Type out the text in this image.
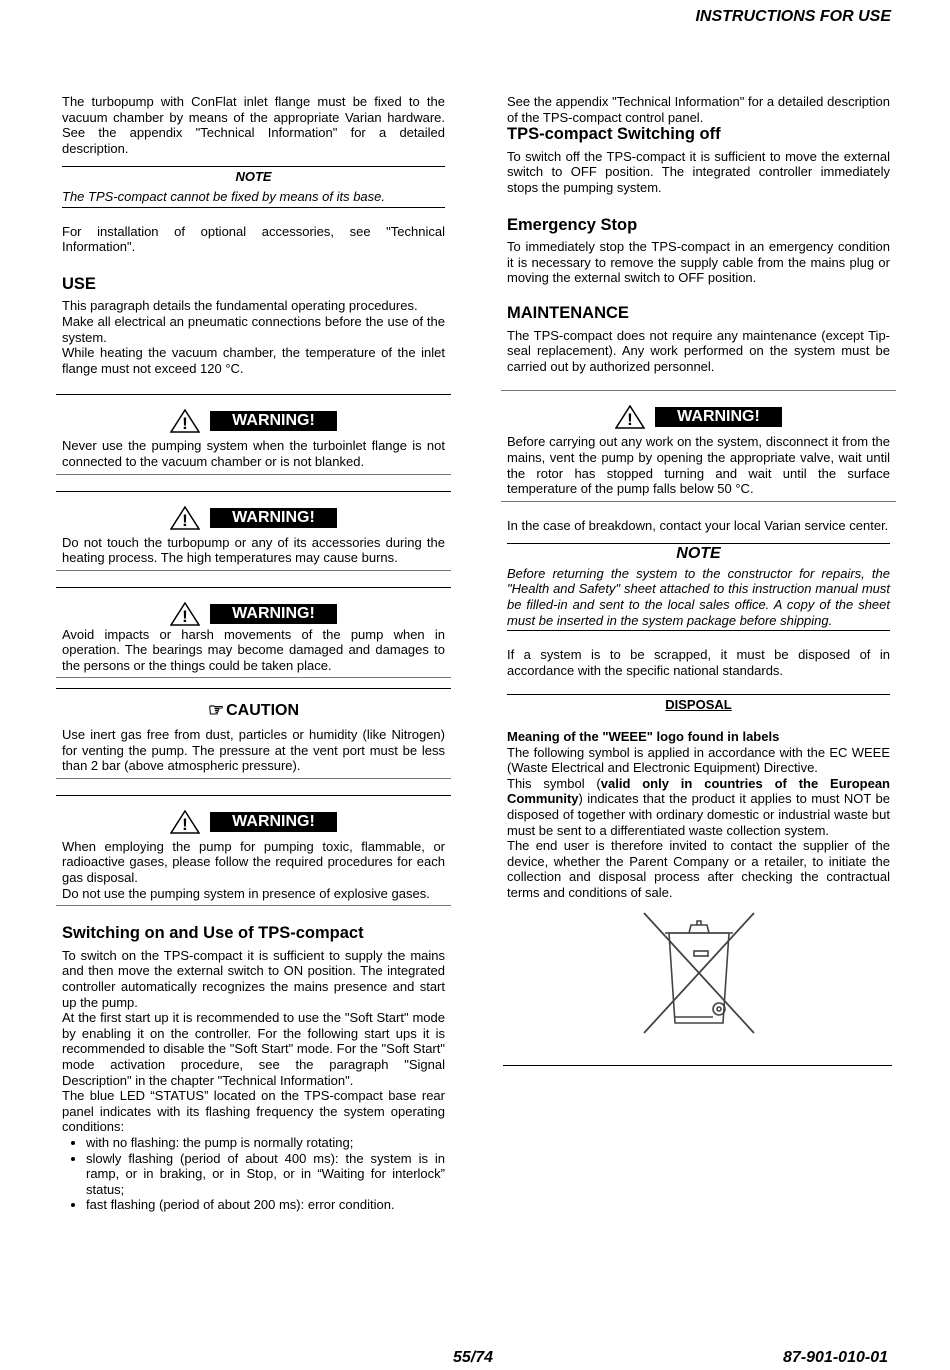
INSTRUCTIONS FOR USE

The turbopump with ConFlat inlet flange must be fixed to the vacuum chamber by means of the appropriate Varian hardware. See the appendix "Technical Information" for a detailed description.

NOTE

The TPS-compact cannot be fixed by means of its base.

For installation of optional accessories, see "Technical Information".

USE

This paragraph details the fundamental operating procedures.

Make all electrical an pneumatic connections before the use of the system.

While heating the vacuum chamber, the temperature of the inlet flange must not exceed 120 °C.

!	WARNING!

Never use the pumping system when the turboinlet flange is not connected to the vacuum chamber or is not blanked.

!	WARNING!

Do not touch the turbopump or any of its accessories during the heating process. The high temperatures may cause burns.

!	WARNING!

Avoid impacts or harsh movements of the pump when in operation. The bearings may become damaged and damages to the persons or the things could be taken place.

☞ CAUTION

Use inert gas free from dust, particles or humidity (like Nitrogen) for venting the pump. The pressure at the vent port must be less than 2 bar (above atmospheric pressure).

!	WARNING!

When employing the pump for pumping toxic, flammable, or radioactive gases, please follow the required procedures for each gas disposal.

Do not use the pumping system in presence of explosive gases.

Switching on and Use of TPS-compact

To switch on the TPS-compact it is sufficient to supply the mains and then move the external switch to ON position. The integrated controller automatically recognizes the mains presence and start up the pump.

At the first start up it is recommended to use the "Soft Start" mode by enabling it on the controller. For the following start ups it is recommended to disable the "Soft Start" mode. For the "Soft Start" mode activation procedure, see the paragraph "Signal Description" in the chapter "Technical Information".

The blue LED “STATUS” located on the TPS-compact base rear panel indicates with its flashing frequency the system operating conditions:

• with no flashing: the pump is normally rotating;
• slowly flashing (period of about 400 ms): the system is in ramp, or in braking, or in Stop, or in “Waiting for interlock” status;
• fast flashing (period of about 200 ms): error condition.

See the appendix "Technical Information" for a detailed description of the TPS-compact control panel.

TPS-compact Switching off

To switch off the TPS-compact it is sufficient to move the external switch to OFF position. The integrated controller immediately stops the pumping system.

Emergency Stop

To immediately stop the TPS-compact in an emergency condition it is necessary to remove the supply cable from the mains plug or moving the external switch to OFF position.

MAINTENANCE

The TPS-compact does not require any maintenance (except Tip-seal replacement). Any work performed on the system must be carried out by authorized personnel.

!	WARNING!

Before carrying out any work on the system, disconnect it from the mains, vent the pump by opening the appropriate valve, wait until the rotor has stopped turning and wait until the surface temperature of the pump falls below 50 °C.

In the case of breakdown, contact your local Varian service center.

NOTE

Before returning the system to the constructor for repairs, the "Health and Safety" sheet attached to this instruction manual must be filled-in and sent to the local sales office. A copy of the sheet must be inserted in the system package before shipping.

If a system is to be scrapped, it must be disposed of in accordance with the specific national standards.

DISPOSAL

Meaning of the "WEEE" logo found in labels

The following symbol is applied in accordance with the EC WEEE (Waste Electrical and Electronic Equipment) Directive.

This symbol (valid only in countries of the European Community) indicates that the product it applies to must NOT be disposed of together with ordinary domestic or industrial waste but must be sent to a differentiated waste collection system.

The end user is therefore invited to contact the supplier of the device, whether the Parent Company or a retailer, to initiate the collection and disposal process after checking the contractual terms and conditions of sale.

55/74	87-901-010-01
